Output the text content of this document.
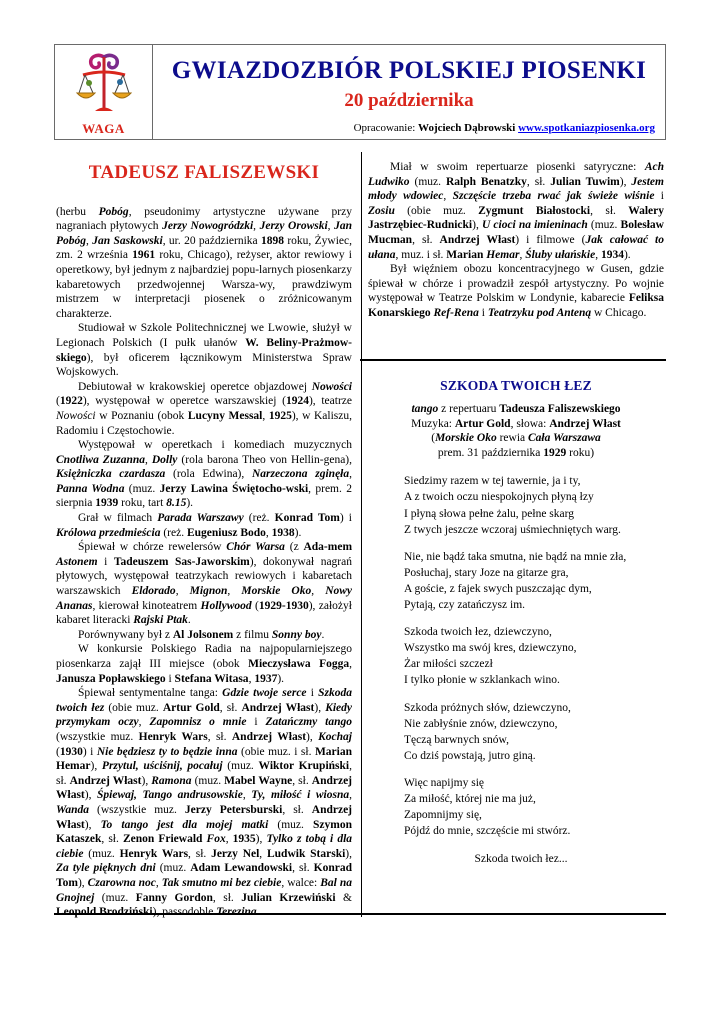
WAGA
GWIAZDOZBIÓR POLSKIEJ PIOSENKI
20 października
Opracowanie: Wojciech Dąbrowski www.spotkaniazpiosenka.org
TADEUSZ FALISZEWSKI

(herbu Pobóg, pseudonimy artystyczne używane przy nagraniach płytowych Jerzy Nowogródzki, Jerzy Orowski, Jan Pobóg, Jan Saskowski, ur. 20 października 1898 roku, Żywiec, zm. 2 września 1961 roku, Chicago), reżyser, aktor rewiowy i operetkowy, był jednym z najbardziej popu-larnych piosenkarzy kabaretowych przedwojennej Warsza-wy, prawdziwym mistrzem w interpretacji piosenek o zróżnicowanym charakterze.

Studiował w Szkole Politechnicznej we Lwowie, służył w Legionach Polskich (I pułk ułanów W. Beliny-Prażmow-skiego), był oficerem łącznikowym Ministerstwa Spraw Wojskowych.

Debiutował w krakowskiej operetce objazdowej Nowości (1922), występował w operetce warszawskiej (1924), teatrze Nowości w Poznaniu (obok Lucyny Messal, 1925), w Kaliszu, Radomiu i Częstochowie.

Występował w operetkach i komediach muzycznych Cnotliwa Zuzanna, Dolly (rola barona Theo von Hellin-gena), Księżniczka czardasza (rola Edwina), Narzeczona zginęła, Panna Wodna (muz. Jerzy Lawina Świętocho-wski, prem. 2 sierpnia 1939 roku, tart 8.15).

Grał w filmach Parada Warszawy (reż. Konrad Tom) i Królowa przedmieścia (reż. Eugeniusz Bodo, 1938).

Śpiewał w chórze rewelersów Chór Warsa (z Ada-mem Astonem i Tadeuszem Sas-Jaworskim), dokonywał nagrań płytowych, występował teatrzykach rewiowych i kabaretach warszawskich Eldorado, Mignon, Morskie Oko, Nowy Ananas, kierował kinoteatrem Hollywood (1929-1930), założył kabaret literacki Rajski Ptak.

Porównywany był z Al Jolsonem z filmu Sonny boy.

W konkursie Polskiego Radia na najpopularniejszego piosenkarza zajął III miejsce (obok Mieczysława Fogga, Janusza Popławskiego i Stefana Witasa, 1937).

Śpiewał sentymentalne tanga: Gdzie twoje serce i Szkoda twoich łez (obie muz. Artur Gold, sł. Andrzej Włast), Kiedy przymykam oczy, Zapomnisz o mnie i Zatańczmy tango (wszystkie muz. Henryk Wars, sł. Andrzej Włast), Kochaj (1930) i Nie będziesz ty to będzie inna (obie muz. i sł. Marian Hemar), Przytul, uściśnij, pocałuj (muz. Wiktor Krupiński, sł. Andrzej Włast), Ramona (muz. Mabel Wayne, sł. Andrzej Włast), Śpiewaj, Tango andrusowskie, Ty, miłość i wiosna, Wanda (wszystkie muz. Jerzy Petersburski, sł. Andrzej Włast), To tango jest dla mojej matki (muz. Szymon Kataszek, sł. Zenon Friewald Fox, 1935), Tylko z tobą i dla ciebie (muz. Henryk Wars, sł. Jerzy Nel, Ludwik Starski), Za tyle pięknych dni (muz. Adam Lewandowski, sł. Konrad Tom), Czarowna noc, Tak smutno mi bez ciebie, walce: Bal na Gnojnej (muz. Fanny Gordon, sł. Julian Krzewiński & Leopold Brodziński), passodoble Terezina.

Miał w swoim repertuarze piosenki satyryczne: Ach Ludwiko (muz. Ralph Benatzky, sł. Julian Tuwim), Jestem młody wdowiec, Szczęście trzeba rwać jak świeże wiśnie i Zosiu (obie muz. Zygmunt Białostocki, sł. Walery Jastrzębiec-Rudnicki), U cioci na imieninach (muz. Bolesław Mucman, sł. Andrzej Włast) i filmowe (Jak całować to ułana, muz. i sł. Marian Hemar, Śluby ułańskie, 1934).

Był więźniem obozu koncentracyjnego w Gusen, gdzie śpiewał w chórze i prowadził zespół artystyczny. Po wojnie występował w Teatrze Polskim w Londynie, kabarecie Feliksa Konarskiego Ref-Rena i Teatrzyku pod Anteną w Chicago.

SZKODA TWOICH ŁEZ
tango z repertuaru Tadeusza Faliszewskiego
Muzyka: Artur Gold, słowa: Andrzej Włast
(Morskie Oko rewia Cała Warszawa
prem. 31 października 1929 roku)
Siedzimy razem w tej tawernie, ja i ty,
A z twoich oczu niespokojnych płyną łzy
I płyną słowa pełne żalu, pełne skarg
Z twych jeszcze wczoraj uśmiechniętych warg.
Nie, nie bądź taka smutna, nie bądź na mnie zła,
Posłuchaj, stary Joze na gitarze gra,
A goście, z fajek swych puszczając dym,
Pytają, czy zatańczysz im.
Szkoda twoich łez, dziewczyno,
Wszystko ma swój kres, dziewczyno,
Żar miłości szczezł
I tylko płonie w szklankach wino.
Szkoda próżnych słów, dziewczyno,
Nie zabłyśnie znów, dziewczyno,
Tęczą barwnych snów,
Co dziś powstają, jutro giną.
Więc napijmy się
Za miłość, której nie ma już,
Zapomnijmy się,
Pójdź do mnie, szczęście mi stwórz.
Szkoda twoich łez...
